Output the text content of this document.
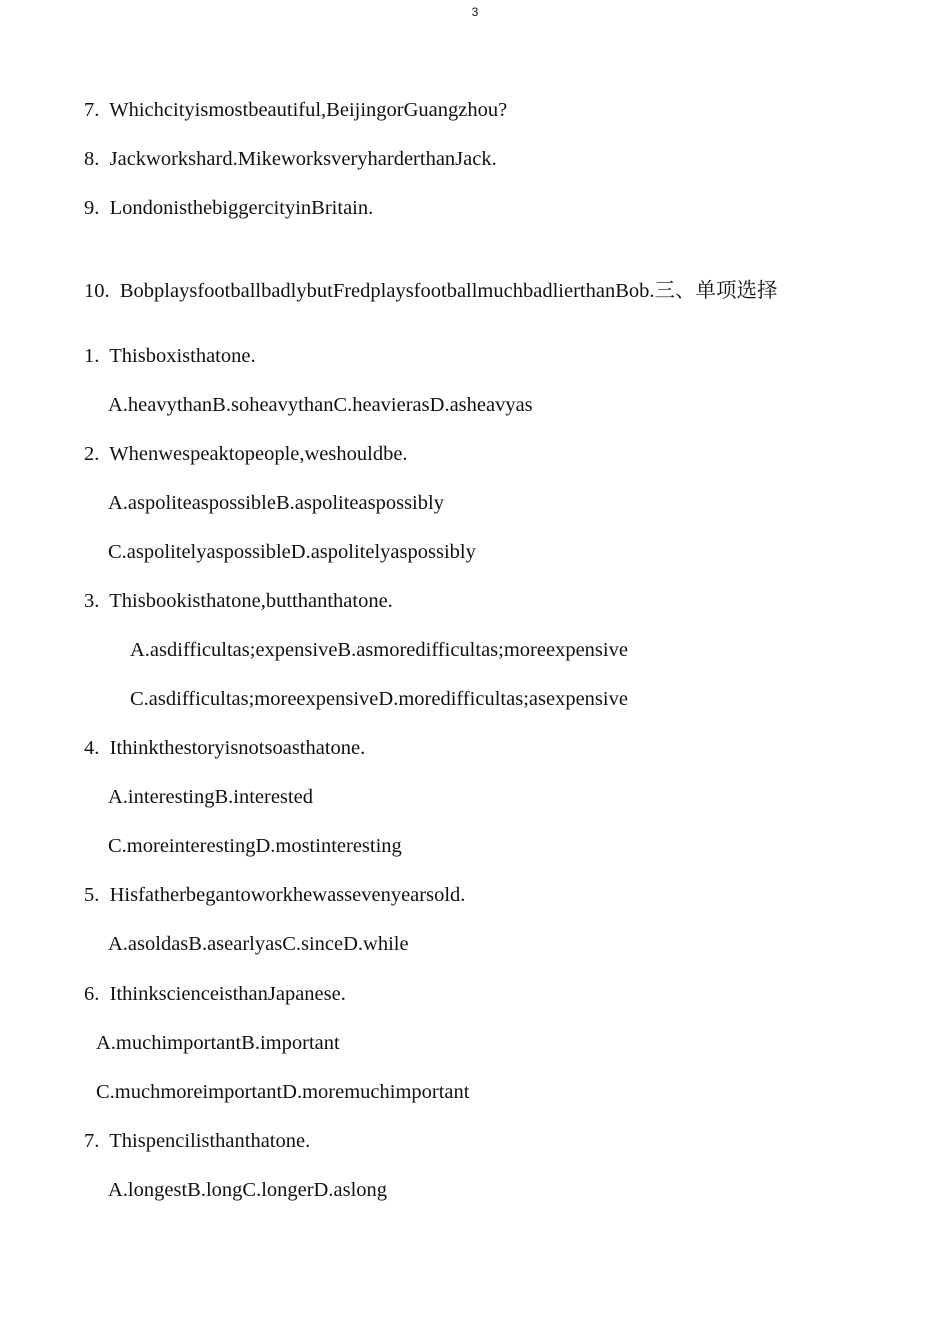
3
7. Whichcityismostbeautiful,BeijingorGuangzhou?
8. Jackworkshard.MikeworksveryharderthanJack.
9. LondonisthebiggercityinBritain.
10. BobplaysfootballbadlybutFredplaysfootballmuchbadlierthanBob.三、单项选择
1. Thisboxisthatone.
A.heavythanB.soheavythanC.heavierasD.asheavyas
2. Whenwespeaktopeople,weshouldbe.
A.aspoliteaspossibleB.aspoliteaspossibly
C.aspolitelyaspossibleD.aspolitelyaspossibly
3. Thisbookisthatone,butthanthatone.
A.asdifficultas;expensiveB.asmoredifficultas;moreexpensive
C.asdifficultas;moreexpensiveD.moredifficultas;asexpensive
4. Ithinkthestoryisnotsoasthatone.
A.interestingB.interested
C.moreinterestingD.mostinteresting
5. Hisfatherbegantoworkhewassevenyearsold.
A.asoldasB.asearlyasC.sinceD.while
6. IthinkscienceisthanJapanese.
A.muchimportantB.important
C.muchmoreimportantD.moremuchimportant
7. Thispencilisthanthatone.
A.longestB.longC.longerD.aslong
